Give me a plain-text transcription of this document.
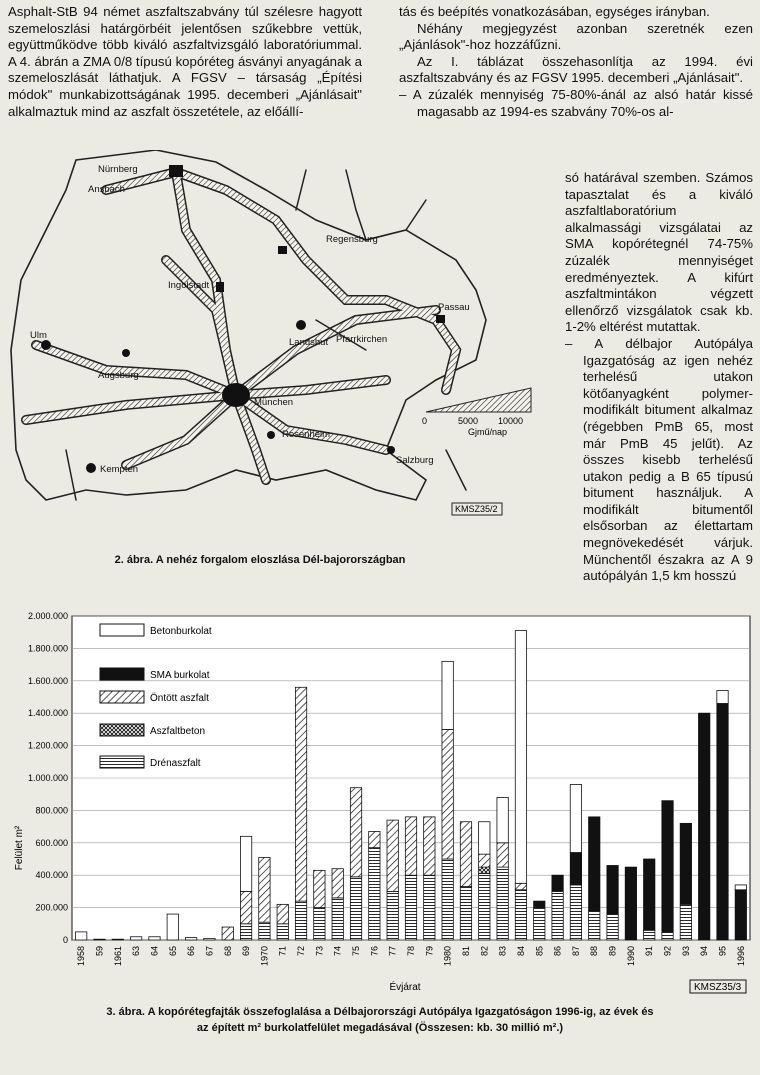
Asphalt-StB 94 német aszfaltszabvány túl szélesre hagyott szemeloszlási határgörbéit jelentősen szűkebbre vettük, együttműködve több kiváló aszfaltvizsgáló laboratóriummal. A 4. ábrán a ZMA 0/8 típusú kopóréteg ásványi anyagának a szemeloszlását láthatjuk. A FGSV – társaság „Építési módok" munkabizottságának 1995. decemberi „Ajánlásait" alkalmaztuk mind az aszfalt összetétele, az előállí-

tás és beépítés vonatkozásában, egységes irányban.

Néhány megjegyzést azonban szeretnék ezen „Ajánlások"-hoz hozzáfűzni.

Az I. táblázat összehasonlítja az 1994. évi aszfaltszabvány és az FGSV 1995. decemberi „Ajánlásait".

– A zúzalék mennyiség 75-80%-ánál az alsó határ kissé magasabb az 1994-es szabvány 70%-os al-

só határával szemben. Számos tapasztalat és a kiváló aszfaltlaboratórium alkalmassági vizsgálatai az SMA kopórétegnél 74-75% zúzalék mennyiséget eredményeztek. A kifúrt aszfaltmintákon végzett ellenőrző vizsgálatok csak kb. 1-2% eltérést mutattak.

– A délbajor Autópálya Igazgatóság az igen nehéz terhelésű utakon kötőanyagként polymer-modifikált bitument alkalmaz (régebben PmB 65, most már PmB 45 jelűt). Az összes kisebb terhelésű utakon pedig a B 65 típusú bitument használjuk. A modifikált bitumentől elsősorban az élettartam megnövekedését várjuk. Münchentől északra az A 9 autópályán 1,5 km hosszú

Nürnberg
Ansbach
Regensburg
Ingolstadt
Passau
Landshut Pfarrkirchen
Ulm
Augsburg
München
Rosenheim
Salzburg
Kempten
0	5000 10000
Gjmű/nap
KMSZ35/2
2. ábra. A nehéz forgalom eloszlása Dél-bajorországban
0
200.000
400.000
600.000
800.000
1.000.000
1.200.000
1.400.000
1.600.000
1.800.000
2.000.000
1958 59 1961 63 64 65 66 67 68 69 1970 71 72 73 74 75 76 77 78 79 1980 81 82 83 84 85 86 87 88 89 1990 91 92 93 94 95 1996
Felület m²
Évjárat	KMSZ35/3
Betonburkolat
SMA burkolat
Öntött aszfalt
Aszfaltbeton
Drénaszfalt
3. ábra. A kopórétegfajták összefoglalása a Délbajorországi Autópálya Igazgatóságon 1996-ig, az évek és
az épített m² burkolatfelület megadásával (Összesen: kb. 30 millió m².)
